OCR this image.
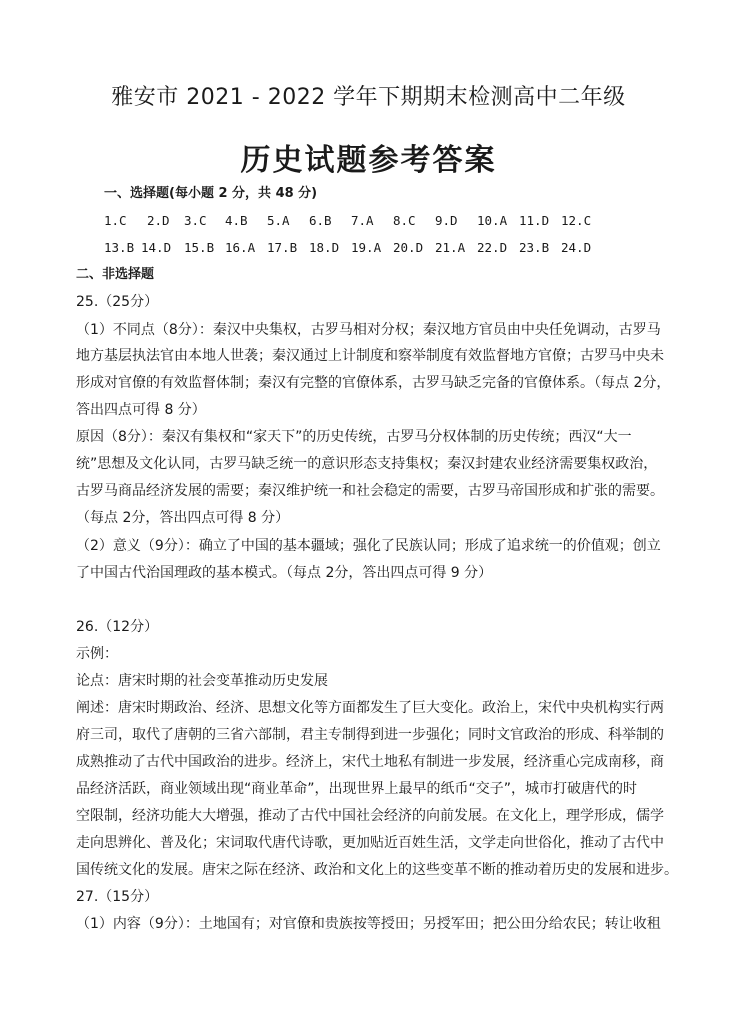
雅安市 2021 - 2022 学年下期期末检测高中二年级
历史试题参考答案
一、选择题(每小题 2 分，共 48 分)
1.C 2.D 3.C 4.B 5.A 6.B 7.A 8.C 9.D 10.A 11.D 12.C
13.B 14.D 15.B 16.A 17.B 18.D 19.A 20.D 21.A 22.D 23.B 24.D
二、非选择题
25.（25分）
（1）不同点（8分）：秦汉中央集权，古罗马相对分权；秦汉地方官员由中央任免调动，古罗马
地方基层执法官由本地人世袭；秦汉通过上计制度和察举制度有效监督地方官僚；古罗马中央未
形成对官僚的有效监督体制；秦汉有完整的官僚体系，古罗马缺乏完备的官僚体系。（每点 2分，
答出四点可得 8 分）
原因（8分）：秦汉有集权和“家天下”的历史传统，古罗马分权体制的历史传统；西汉“大一
统”思想及文化认同，古罗马缺乏统一的意识形态支持集权；秦汉封建农业经济需要集权政治，
古罗马商品经济发展的需要；秦汉维护统一和社会稳定的需要，古罗马帝国形成和扩张的需要。
（每点 2分，答出四点可得 8 分）
（2）意义（9分）：确立了中国的基本疆域；强化了民族认同；形成了追求统一的价值观；创立
了中国古代治国理政的基本模式。（每点 2分，答出四点可得 9 分）
26.（12分）
示例：
论点：唐宋时期的社会变革推动历史发展
阐述：唐宋时期政治、经济、思想文化等方面都发生了巨大变化。政治上，宋代中央机构实行两
府三司，取代了唐朝的三省六部制，君主专制得到进一步强化；同时文官政治的形成、科举制的
成熟推动了古代中国政治的进步。经济上，宋代土地私有制进一步发展，经济重心完成南移，商
品经济活跃，商业领域出现“商业革命”，出现世界上最早的纸币“交子”，城市打破唐代的时
空限制，经济功能大大增强，推动了古代中国社会经济的向前发展。在文化上，理学形成，儒学
走向思辨化、普及化；宋词取代唐代诗歌，更加贴近百姓生活，文学走向世俗化，推动了古代中
国传统文化的发展。唐宋之际在经济、政治和文化上的这些变革不断的推动着历史的发展和进步。
27.（15分）
（1）内容（9分）：土地国有；对官僚和贵族按等授田；另授军田；把公田分给农民；转让收租
